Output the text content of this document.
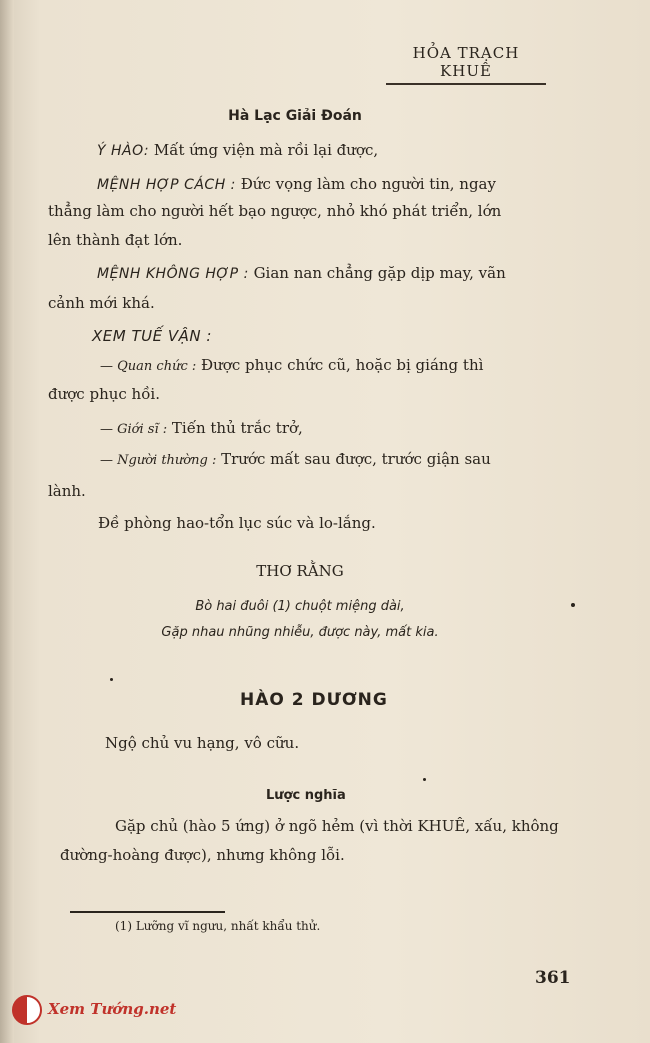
HỎA TRẠCH KHUÊ
Hà Lạc Giải Đoán
Ý HÀO: Mất ứng viện mà rồi lại được,
MỆNH HỢP CÁCH : Đức vọng làm cho người tin, ngay
thẳng làm cho người hết bạo ngược, nhỏ khó phát triển, lớn
lên thành đạt lớn.
MỆNH KHÔNG HỢP : Gian nan chẳng gặp dịp may, vãn
cảnh mới khá.
XEM TUẾ VẬN :
— Quan chức : Được phục chức cũ, hoặc bị giáng thì
được phục hồi.
— Giới sĩ : Tiến thủ trắc trở,
— Người thường : Trước mất sau được, trước giận sau
lành.
Đề phòng hao-tổn lục súc và lo-lắng.
THƠ RẰNG
Bò hai đuôi (1) chuột miệng dài,
Gặp nhau nhũng nhiễu, được này, mất kia.
HÀO 2 DƯƠNG
Ngộ chủ vu hạng, vô cữu.
Lược nghĩa
Gặp chủ (hào 5 ứng) ở ngõ hẻm (vì thời KHUÊ, xấu, không
đường-hoàng được), nhưng không lỗi.
(1) Lưỡng vĩ ngưu, nhất khẩu thử.
361
Xem Tướng.net
